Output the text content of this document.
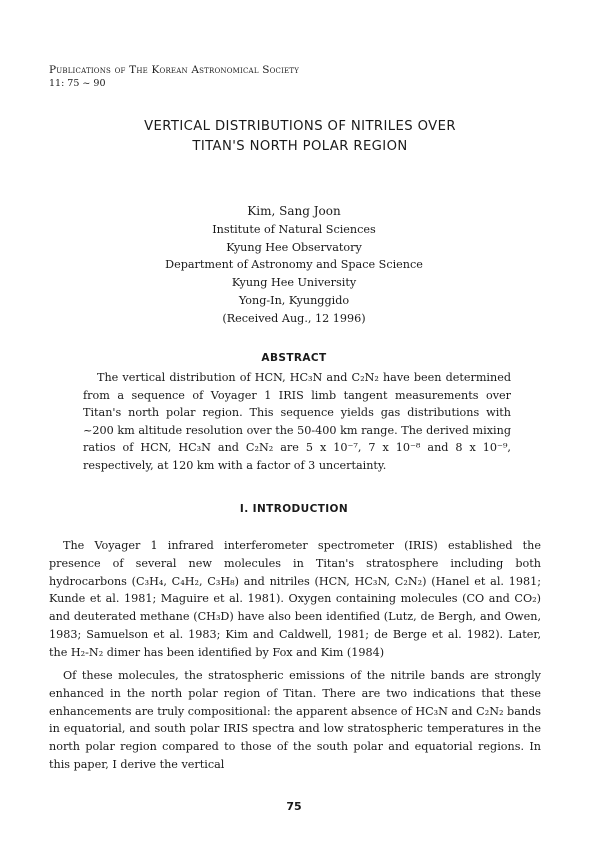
Publications of The Korean Astronomical Society
11: 75 ~ 90
VERTICAL DISTRIBUTIONS OF NITRILES OVER
TITAN'S NORTH POLAR REGION
Kim, Sang Joon
Institute of Natural Sciences
Kyung Hee Observatory
Department of Astronomy and Space Science
Kyung Hee University
Yong-In, Kyunggido
(Received Aug., 12 1996)
ABSTRACT
The vertical distribution of HCN, HC₃N and C₂N₂ have been determined from a sequence of Voyager 1 IRIS limb tangent measurements over Titan's north polar region. This sequence yields gas distributions with ~200 km altitude resolution over the 50-400 km range. The derived mixing ratios of HCN, HC₃N and C₂N₂ are 5 x 10⁻⁷, 7 x 10⁻⁸ and 8 x 10⁻⁹, respectively, at 120 km with a factor of 3 uncertainty.
I. INTRODUCTION
The Voyager 1 infrared interferometer spectrometer (IRIS) established the presence of several new molecules in Titan's stratosphere including both hydrocarbons (C₃H₄, C₄H₂, C₃H₈) and nitriles (HCN, HC₃N, C₂N₂) (Hanel et al. 1981; Kunde et al. 1981; Maguire et al. 1981). Oxygen containing molecules (CO and CO₂) and deuterated methane (CH₃D) have also been identified (Lutz, de Bergh, and Owen, 1983; Samuelson et al. 1983; Kim and Caldwell, 1981; de Berge et al. 1982). Later, the H₂-N₂ dimer has been identified by Fox and Kim (1984)
Of these molecules, the stratospheric emissions of the nitrile bands are strongly enhanced in the north polar region of Titan. There are two indications that these enhancements are truly compositional: the apparent absence of HC₃N and C₂N₂ bands in equatorial, and south polar IRIS spectra and low stratospheric temperatures in the north polar region compared to those of the south polar and equatorial regions. In this paper, I derive the vertical
75
